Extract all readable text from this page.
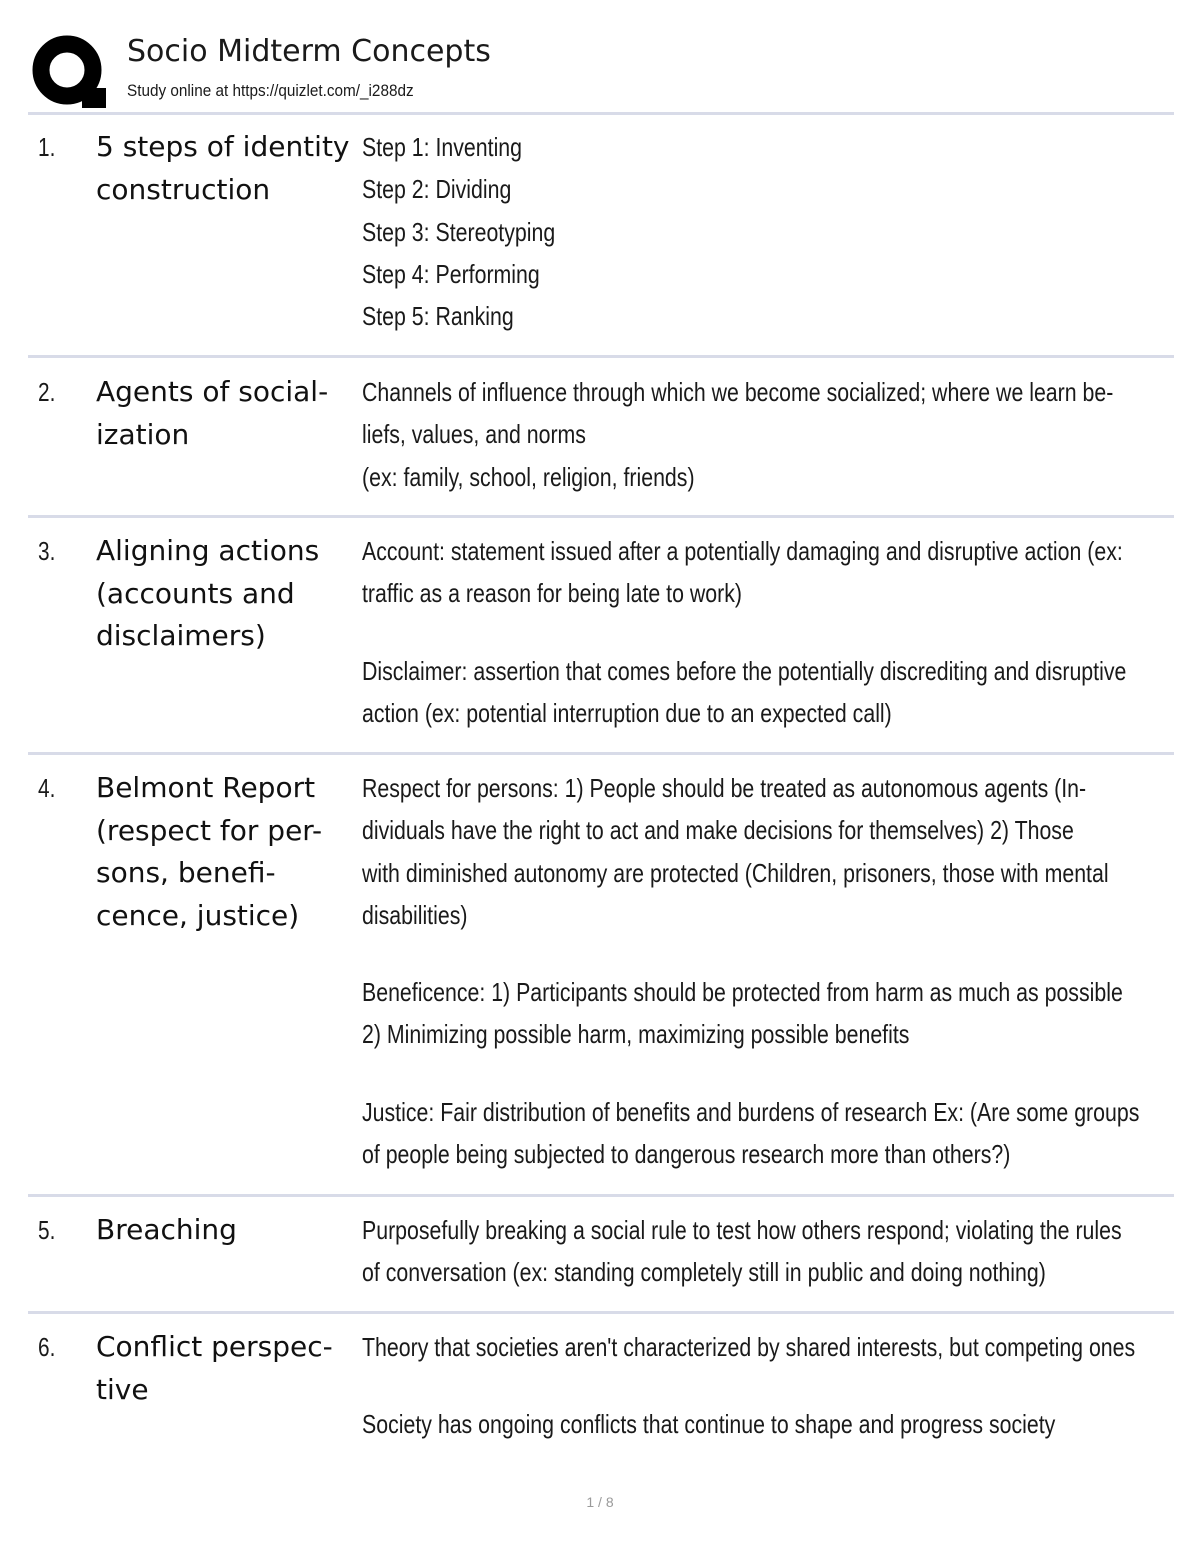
Socio Midterm Concepts
Study online at https://quizlet.com/_i288dz
1. 5 steps of identity
construction
Step 1: Inventing
Step 2: Dividing
Step 3: Stereotyping
Step 4: Performing
Step 5: Ranking
2. Agents of social-
ization
Channels of influence through which we become socialized; where we learn be-
liefs, values, and norms
(ex: family, school, religion, friends)
3. Aligning actions
(accounts and
disclaimers)
Account: statement issued after a potentially damaging and disruptive action (ex:
traffic as a reason for being late to work)
Disclaimer: assertion that comes before the potentially discrediting and disruptive
action (ex: potential interruption due to an expected call)
4. Belmont Report
(respect for per-
sons, benefi-
cence, justice)
Respect for persons: 1) People should be treated as autonomous agents (In-
dividuals have the right to act and make decisions for themselves) 2) Those
with diminished autonomy are protected (Children, prisoners, those with mental
disabilities)
Beneficence: 1) Participants should be protected from harm as much as possible
2) Minimizing possible harm, maximizing possible benefits
Justice: Fair distribution of benefits and burdens of research Ex: (Are some groups
of people being subjected to dangerous research more than others?)
5. Breaching	Purposefully breaking a social rule to test how others respond; violating the rules
of conversation (ex: standing completely still in public and doing nothing)
6. Conflict perspec-
tive
Theory that societies aren't characterized by shared interests, but competing ones
Society has ongoing conflicts that continue to shape and progress society
1 / 8
